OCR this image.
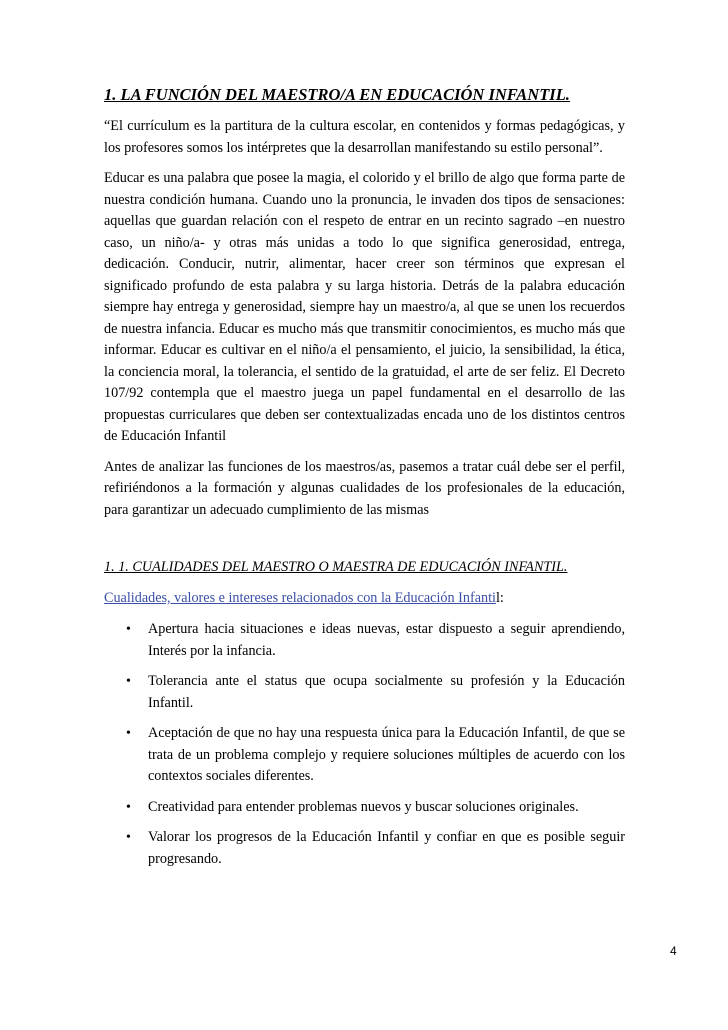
1. LA FUNCIÓN DEL MAESTRO/A EN EDUCACIÓN INFANTIL.
“El currículum es la partitura de la cultura escolar, en contenidos y formas pedagógicas, y los profesores somos los intérpretes que la desarrollan manifestando su estilo personal”.
Educar es una palabra que posee la magia, el colorido y el brillo de algo que forma parte de nuestra condición humana. Cuando uno la pronuncia, le invaden dos tipos de sensaciones: aquellas que guardan relación con el respeto de entrar en un recinto sagrado –en nuestro caso, un niño/a- y otras más unidas a todo lo que significa generosidad, entrega, dedicación. Conducir, nutrir, alimentar, hacer creer son términos que expresan el significado profundo de esta palabra y su larga historia. Detrás de la palabra educación siempre hay entrega y generosidad, siempre hay un maestro/a, al que se unen los recuerdos de nuestra infancia. Educar es mucho más que transmitir conocimientos, es mucho más que informar. Educar es cultivar en el niño/a el pensamiento, el juicio, la sensibilidad, la ética, la conciencia moral, la tolerancia, el sentido de la gratuidad, el arte de ser feliz. El Decreto 107/92 contempla que el maestro juega un papel fundamental en el desarrollo de las propuestas curriculares que deben ser contextualizadas encada uno de los distintos centros de Educación Infantil
Antes de analizar las funciones de los maestros/as, pasemos a tratar cuál debe ser el perfil, refiriéndonos a la formación y algunas cualidades de los profesionales de la educación, para garantizar un adecuado cumplimiento de las mismas
1. 1. CUALIDADES DEL MAESTRO O MAESTRA DE EDUCACIÓN INFANTIL.
Cualidades, valores e intereses relacionados con la Educación Infantil:
• Apertura hacia situaciones e ideas nuevas, estar dispuesto a seguir aprendiendo, Interés por la infancia.
• Tolerancia ante el status que ocupa socialmente su profesión y la Educación Infantil.
• Aceptación de que no hay una respuesta única para la Educación Infantil, de que se trata de un problema complejo y requiere soluciones múltiples de acuerdo con los contextos sociales diferentes.
• Creatividad para entender problemas nuevos y buscar soluciones originales.
• Valorar los progresos de la Educación Infantil y confiar en que es posible seguir progresando.
4
